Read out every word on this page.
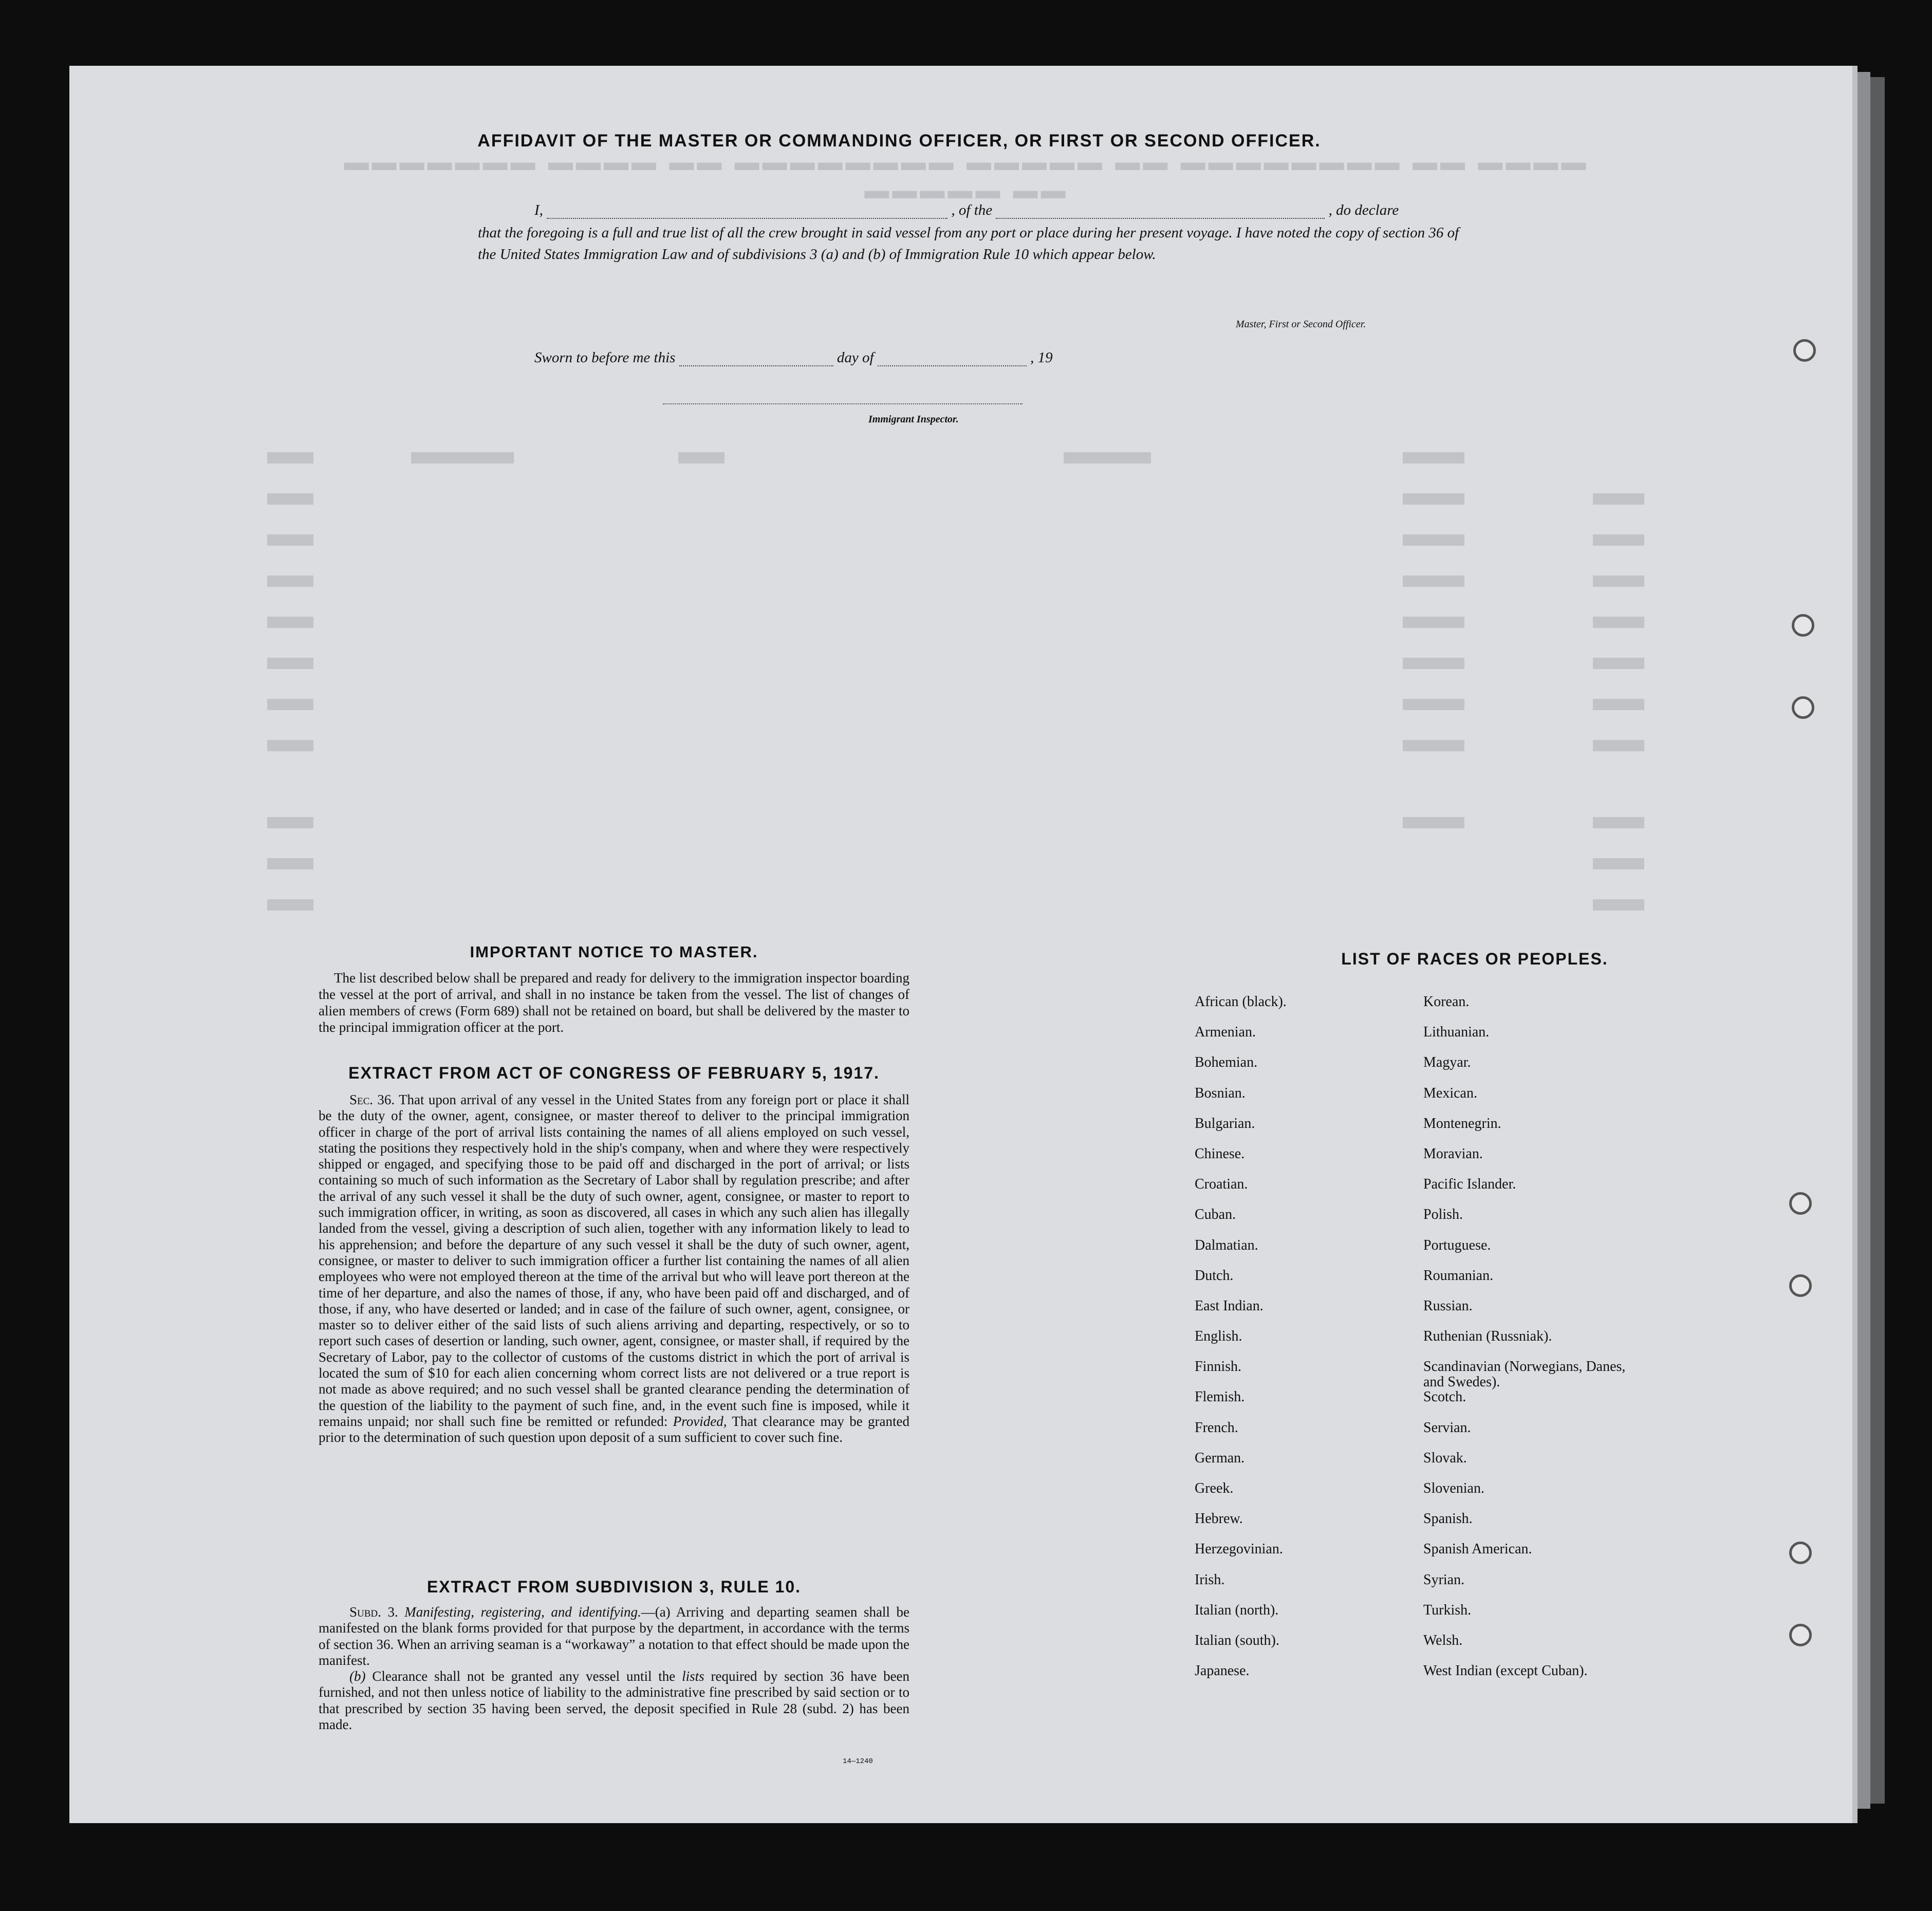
▬▬▬▬ ▬▬ ▬▬▬▬▬▬▬▬ ▬▬ ▬▬▬▬▬ ▬▬▬▬▬▬▬▬ ▬▬ ▬▬▬▬ ▬▬▬▬▬▬▬ ▬▬ ▬▬▬▬▬
AFFIDAVIT OF THE MASTER OR COMMANDING OFFICER, OR FIRST OR SECOND OFFICER.
I,	, of the	, do declare
that the foregoing is a full and true list of all the crew brought in said vessel from any port or place during her present voyage. I have noted the copy of section 36 of the United States Immigration Law and of subdivisions 3 (a) and (b) of Immigration Rule 10 which appear below.
Master, First or Second Officer.
Sworn to before me this	day of	, 19
Immigrant Inspector.
IMPORTANT NOTICE TO MASTER.
The list described below shall be prepared and ready for delivery to the immigration inspector boarding the vessel at the port of arrival, and shall in no instance be taken from the vessel. The list of changes of alien members of crews (Form 689) shall not be retained on board, but shall be delivered by the master to the principal immigration officer at the port.
EXTRACT FROM ACT OF CONGRESS OF FEBRUARY 5, 1917.
Sec. 36. That upon arrival of any vessel in the United States from any foreign port or place it shall be the duty of the owner, agent, consignee, or master thereof to deliver to the principal immigration officer in charge of the port of arrival lists containing the names of all aliens employed on such vessel, stating the positions they respectively hold in the ship's company, when and where they were respectively shipped or engaged, and specifying those to be paid off and discharged in the port of arrival; or lists containing so much of such information as the Secretary of Labor shall by regulation prescribe; and after the arrival of any such vessel it shall be the duty of such owner, agent, consignee, or master to report to such immigration officer, in writing, as soon as discovered, all cases in which any such alien has illegally landed from the vessel, giving a description of such alien, together with any information likely to lead to his apprehension; and before the departure of any such vessel it shall be the duty of such owner, agent, consignee, or master to deliver to such immigration officer a further list containing the names of all alien employees who were not employed thereon at the time of the arrival but who will leave port thereon at the time of her departure, and also the names of those, if any, who have been paid off and discharged, and of those, if any, who have deserted or landed; and in case of the failure of such owner, agent, consignee, or master so to deliver either of the said lists of such aliens arriving and departing, respectively, or so to report such cases of desertion or landing, such owner, agent, consignee, or master shall, if required by the Secretary of Labor, pay to the collector of customs of the customs district in which the port of arrival is located the sum of $10 for each alien concerning whom correct lists are not delivered or a true report is not made as above required; and no such vessel shall be granted clearance pending the determination of the question of the liability to the payment of such fine, and, in the event such fine is imposed, while it remains unpaid; nor shall such fine be remitted or refunded: Provided, That clearance may be granted prior to the determination of such question upon deposit of a sum sufficient to cover such fine.
EXTRACT FROM SUBDIVISION 3, RULE 10.

Subd. 3. Manifesting, registering, and identifying.—(a) Arriving and departing seamen shall be manifested on the blank forms provided for that purpose by the department, in accordance with the terms of section 36. When an arriving seaman is a “workaway” a notation to that effect should be made upon the manifest.

(b) Clearance shall not be granted any vessel until the lists required by section 36 have been furnished, and not then unless notice of liability to the administrative fine prescribed by said section or to that prescribed by section 35 having been served, the deposit specified in Rule 28 (subd. 2) has been made.

14—1240
LIST OF RACES OR PEOPLES.
African (black).
Armenian.
Bohemian.
Bosnian.
Bulgarian.
Chinese.
Croatian.
Cuban.
Dalmatian.
Dutch.
East Indian.
English.
Finnish.
Flemish.
French.
German.
Greek.
Hebrew.
Herzegovinian.
Irish.
Italian (north).
Italian (south).
Japanese.
Korean.
Lithuanian.
Magyar.
Mexican.
Montenegrin.
Moravian.
Pacific Islander.
Polish.
Portuguese.
Roumanian.
Russian.
Ruthenian (Russniak).
Scandinavian (Norwegians, Danes, and Swedes).
Scotch.
Servian.
Slovak.
Slovenian.
Spanish.
Spanish American.
Syrian.
Turkish.
Welsh.
West Indian (except Cuban).
